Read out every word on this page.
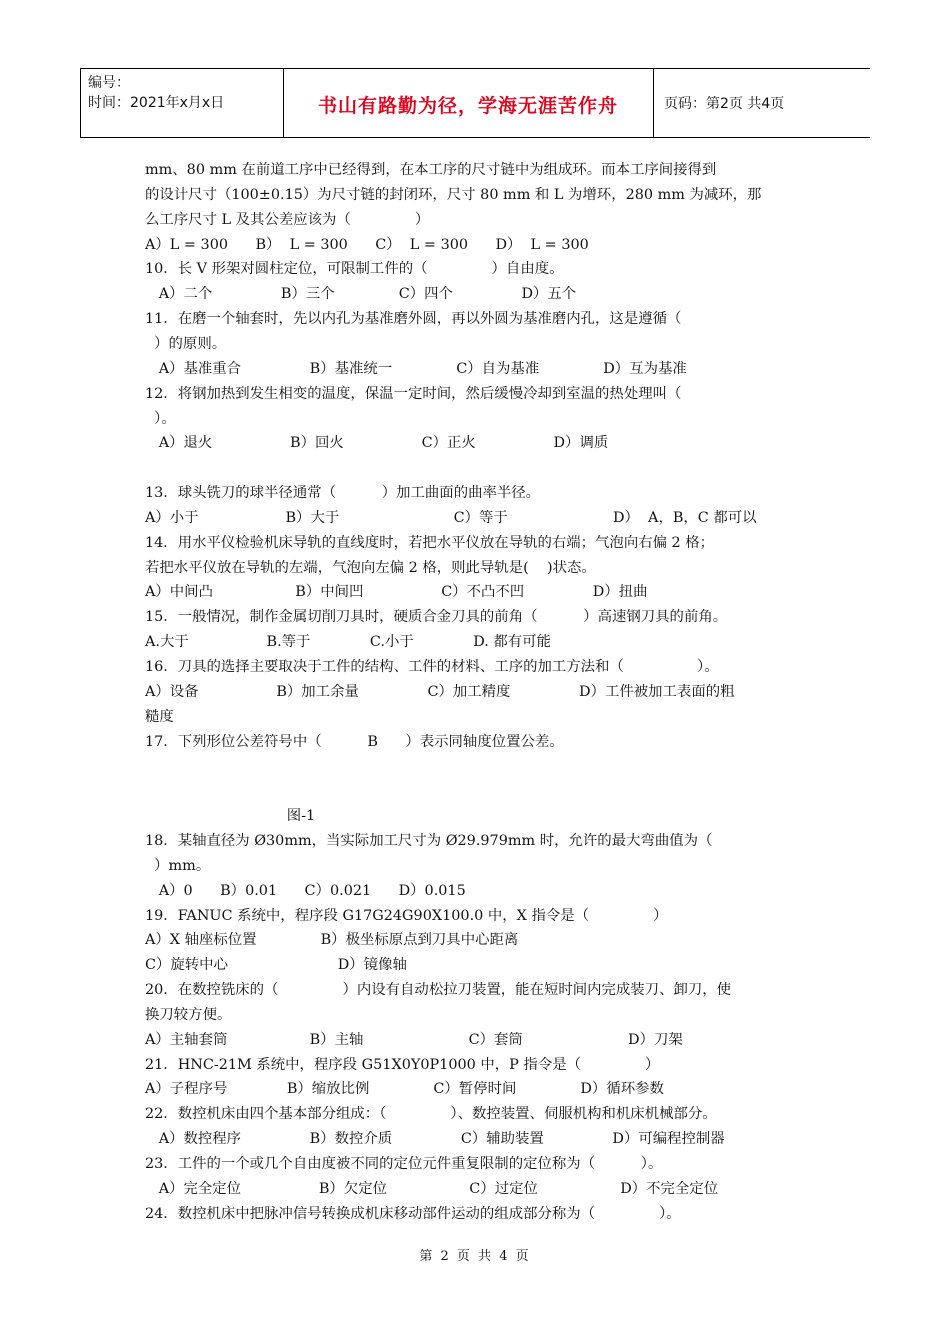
编号：
时间：2021年x月x日	书山有路勤为径，学海无涯苦作舟	页码：第2页 共4页
mm、80 mm 在前道工序中已经得到，在本工序的尺寸链中为组成环。而本工序间接得到
的设计尺寸（100±0.15）为尺寸链的封闭环，尺寸 80 mm 和 L 为增环，280 mm 为减环，那
么工序尺寸 L 及其公差应该为（              ）
A）L = 300      B）  L = 300      C）  L = 300      D）  L = 300
10．长 V 形架对圆柱定位，可限制工件的（              ）自由度。
A）二个               B）三个              C）四个               D）五个
11．在磨一个轴套时，先以内孔为基准磨外圆，再以外圆为基准磨内孔，这是遵循（
）的原则。
A）基准重合               B）基准统一              C）自为基准              D）互为基准
12．将钢加热到发生相变的温度，保温一定时间，然后缓慢冷却到室温的热处理叫（
）。
A）退火                 B）回火                 C）正火                 D）调质
13．球头铣刀的球半径通常（          ）加工曲面的曲率半径。
A）小于                   B）大于                         C）等于                       D）  A，B，C 都可以
14．用水平仪检验机床导轨的直线度时，若把水平仪放在导轨的右端；气泡向右偏 2 格；
若把水平仪放在导轨的左端，气泡向左偏 2 格，则此导轨是(    )状态。
A）中间凸                  B）中间凹                 C）不凸不凹               D）扭曲
15．一般情况，制作金属切削刀具时，硬质合金刀具的前角（          ）高速钢刀具的前角。
A.大于                 B.等于             C.小于             D. 都有可能
16．刀具的选择主要取决于工件的结构、工件的材料、工序的加工方法和（                ）。
A）设备                 B）加工余量               C）加工精度               D）工件被加工表面的粗
糙度
17．下列形位公差符号中（          B      ）表示同轴度位置公差。
图-1
18．某轴直径为 Ø30mm，当实际加工尺寸为 Ø29.979mm 时，允许的最大弯曲值为（
）mm。
A）0      B）0.01      C）0.021      D）0.015
19．FANUC 系统中，程序段 G17G24G90X100.0 中，X 指令是（              ）
A）X 轴座标位置              B）极坐标原点到刀具中心距离
C）旋转中心                        D）镜像轴
20．在数控铣床的（              ）内设有自动松拉刀装置，能在短时间内完成装刀、卸刀，使
换刀较方便。
A）主轴套筒                  B）主轴                       C）套筒                       D）刀架
21．HNC-21M 系统中，程序段 G51X0Y0P1000 中，P 指令是（              ）
A）子程序号             B）缩放比例              C）暂停时间              D）循环参数
22．数控机床由四个基本部分组成：（              ）、数控装置、伺服机构和机床机械部分。
A）数控程序               B）数控介质               C）辅助装置               D）可编程控制器
23．工件的一个或几个自由度被不同的定位元件重复限制的定位称为（          ）。
A）完全定位                 B）欠定位                  C）过定位                  D）不完全定位
24．数控机床中把脉冲信号转换成机床移动部件运动的组成部分称为（              ）。
第 2 页 共 4 页
